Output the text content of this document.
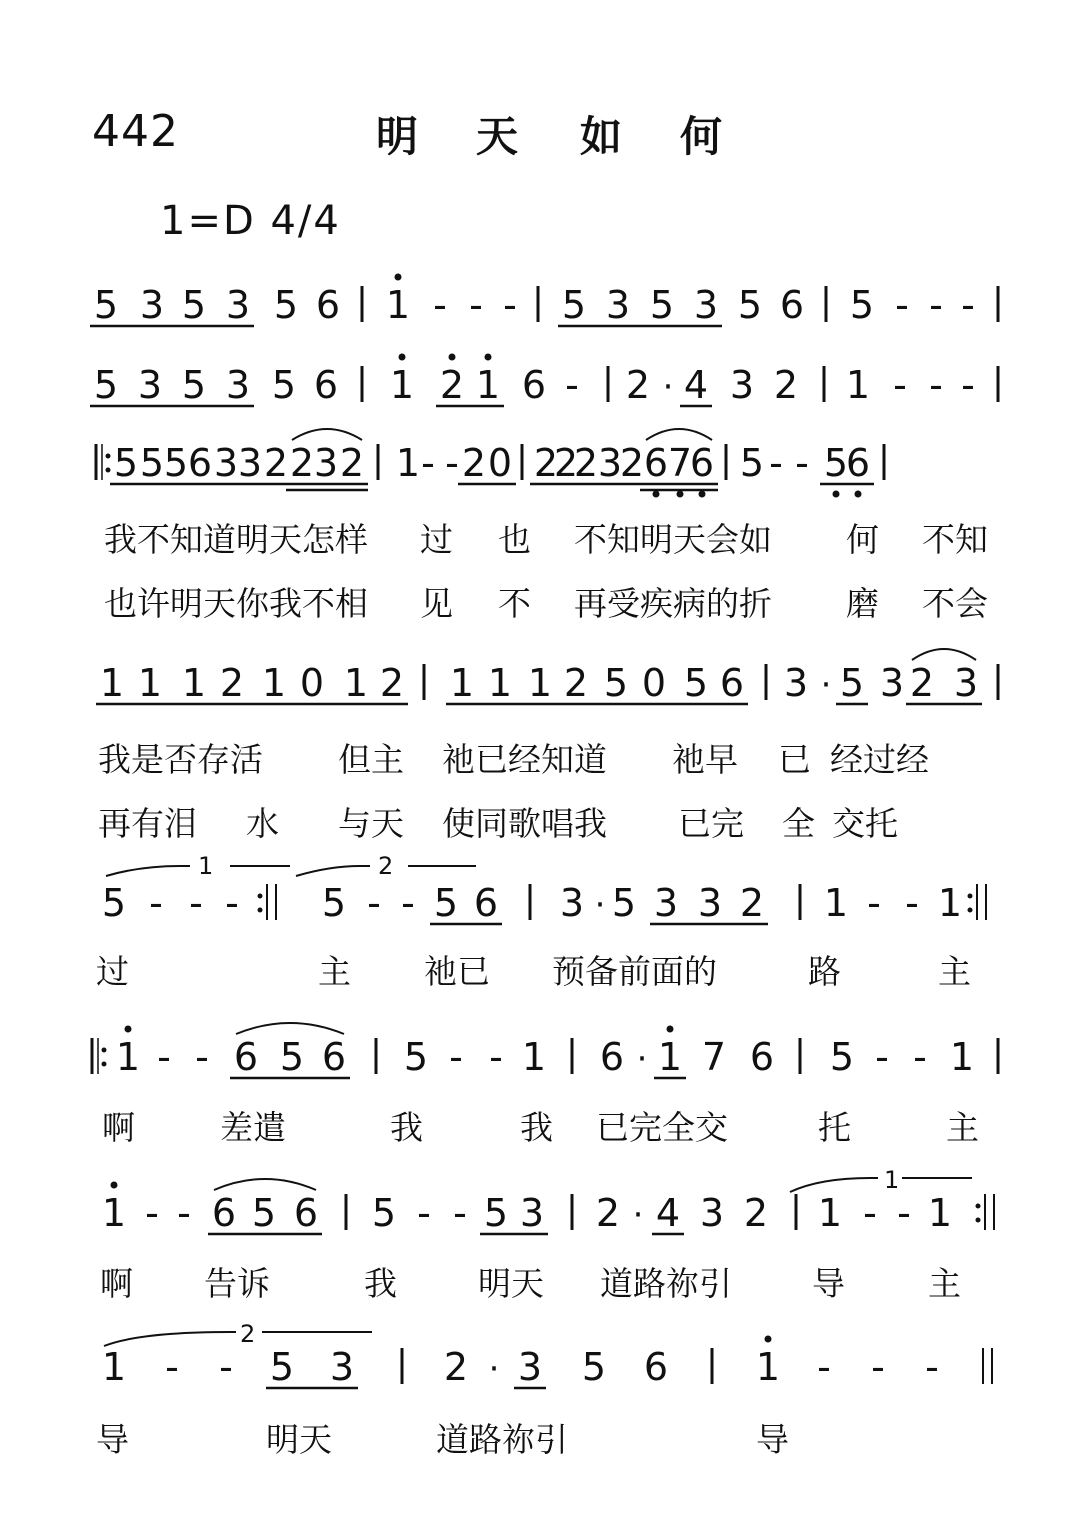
442	明 天 如 何
1=D 4/4
5 3 5 3 5 6 1 - - - 5 3 5 3 5 6 5 - - -
5 3 5 3 5 6 1 2 1 6 - 2 · 4 3 2 1 - - -
5 5 5 6 3 3 2 2 3 2 1 - - 2 0 2
2
2 3
2 6 7
6 5 - - 5
6
我不知道明天怎样 过 也 不知明天会如 何 不知
也许明天你我不相 见 不 再受疾病的折 磨 不会
1 1 1 2 1 0 1 2 1 1 1 2 5 0 5 6 3 · 5 3 2 3
我是否存活 但主 祂已经知道 祂早 已 经过经
再有泪 水 与天 使同歌唱我 已完 全 交托
1	2
5 - - - 5 - - 5 6 3 · 5 3 3 2 1 - - 1
过	主 祂已 预备前面的	路	主
1 - - 6 5 6 5 - - 1 6 · 1 7 6 5 - - 1
啊	差遣	我	我 已完全交	托	主
1
1 - - 6 5 6 5 - - 5 3 2 · 4 3 2 1 - - 1
啊 告诉	我 明天 道路祢引 导	主
2
1 - - 5 3 2 · 3 5 6 1 - - -
导	明天	道路祢引	导
